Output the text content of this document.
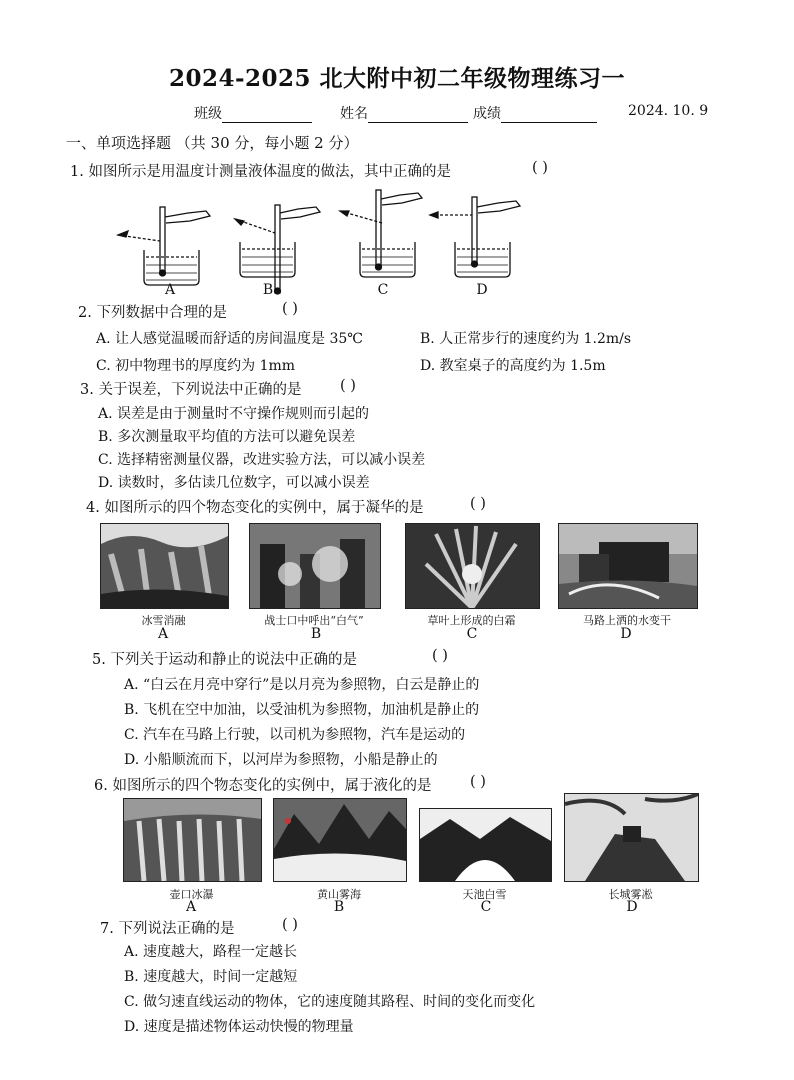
2024-2025 北大附中初二年级物理练习一
班级	姓名	成绩	2024. 10. 9
一、单项选择题 （共 30 分，每小题 2 分）
1. 如图所示是用温度计测量液体温度的做法，其中正确的是	( )
A	B	C	D
2. 下列数据中合理的是	( )
A. 让人感觉温暖而舒适的房间温度是 35℃	B. 人正常步行的速度约为 1.2m/s
C. 初中物理书的厚度约为 1mm	D. 教室桌子的高度约为 1.5m
3. 关于误差，下列说法中正确的是	( )
A. 误差是由于测量时不守操作规则而引起的
B. 多次测量取平均值的方法可以避免误差
C. 选择精密测量仪器，改进实验方法，可以减小误差
D. 读数时，多估读几位数字，可以减小误差
4. 如图所示的四个物态变化的实例中，属于凝华的是	( )
冰雪消融	战士口中呼出“白气”	草叶上形成的白霜	马路上洒的水变干
A	B	C	D
5. 下列关于运动和静止的说法中正确的是	( )
A. “白云在月亮中穿行”是以月亮为参照物，白云是静止的
B. 飞机在空中加油，以受油机为参照物，加油机是静止的
C. 汽车在马路上行驶，以司机为参照物，汽车是运动的
D. 小船顺流而下，以河岸为参照物，小船是静止的
6. 如图所示的四个物态变化的实例中，属于液化的是	( )
壶口冰瀑	黄山雾海	天池白雪	长城雾凇
A	B	C	D
7. 下列说法正确的是	( )
A. 速度越大，路程一定越长
B. 速度越大，时间一定越短
C. 做匀速直线运动的物体，它的速度随其路程、时间的变化而变化
D. 速度是描述物体运动快慢的物理量
